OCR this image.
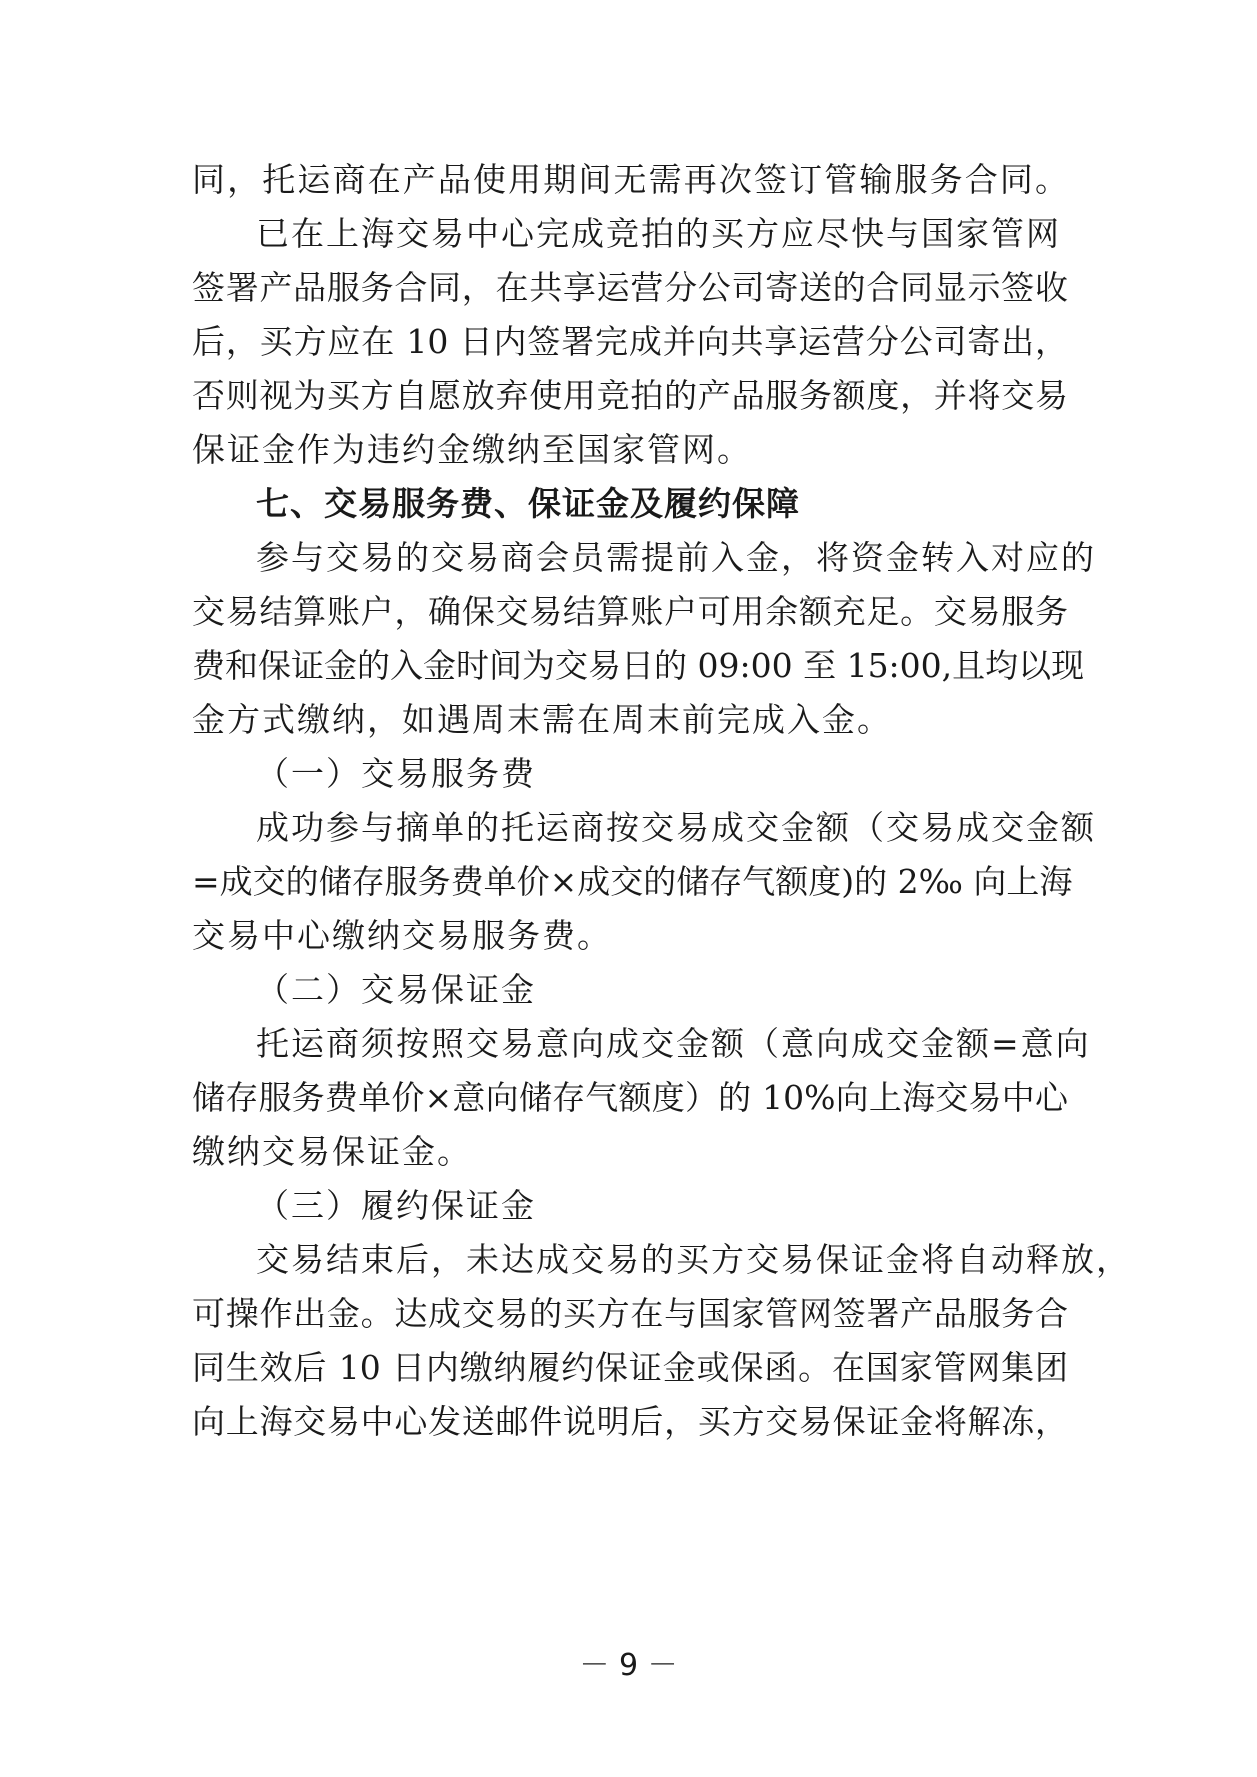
同，托运商在产品使用期间无需再次签订管输服务合同。
已在上海交易中心完成竞拍的买方应尽快与国家管网
签署产品服务合同，在共享运营分公司寄送的合同显示签收
后，买方应在 10 日内签署完成并向共享运营分公司寄出，
否则视为买方自愿放弃使用竞拍的产品服务额度，并将交易
保证金作为违约金缴纳至国家管网。
七、交易服务费、保证金及履约保障
参与交易的交易商会员需提前入金，将资金转入对应的
交易结算账户，确保交易结算账户可用余额充足。交易服务
费和保证金的入金时间为交易日的 09:00 至 15:00,且均以现
金方式缴纳，如遇周末需在周末前完成入金。
（一）交易服务费
成功参与摘单的托运商按交易成交金额（交易成交金额
=成交的储存服务费单价×成交的储存气额度)的 2‰ 向上海
交易中心缴纳交易服务费。
（二）交易保证金
托运商须按照交易意向成交金额（意向成交金额=意向
储存服务费单价×意向储存气额度）的 10%向上海交易中心
缴纳交易保证金。
（三）履约保证金
交易结束后，未达成交易的买方交易保证金将自动释放，
可操作出金。达成交易的买方在与国家管网签署产品服务合
同生效后 10 日内缴纳履约保证金或保函。在国家管网集团
向上海交易中心发送邮件说明后，买方交易保证金将解冻，
－ 9 －
